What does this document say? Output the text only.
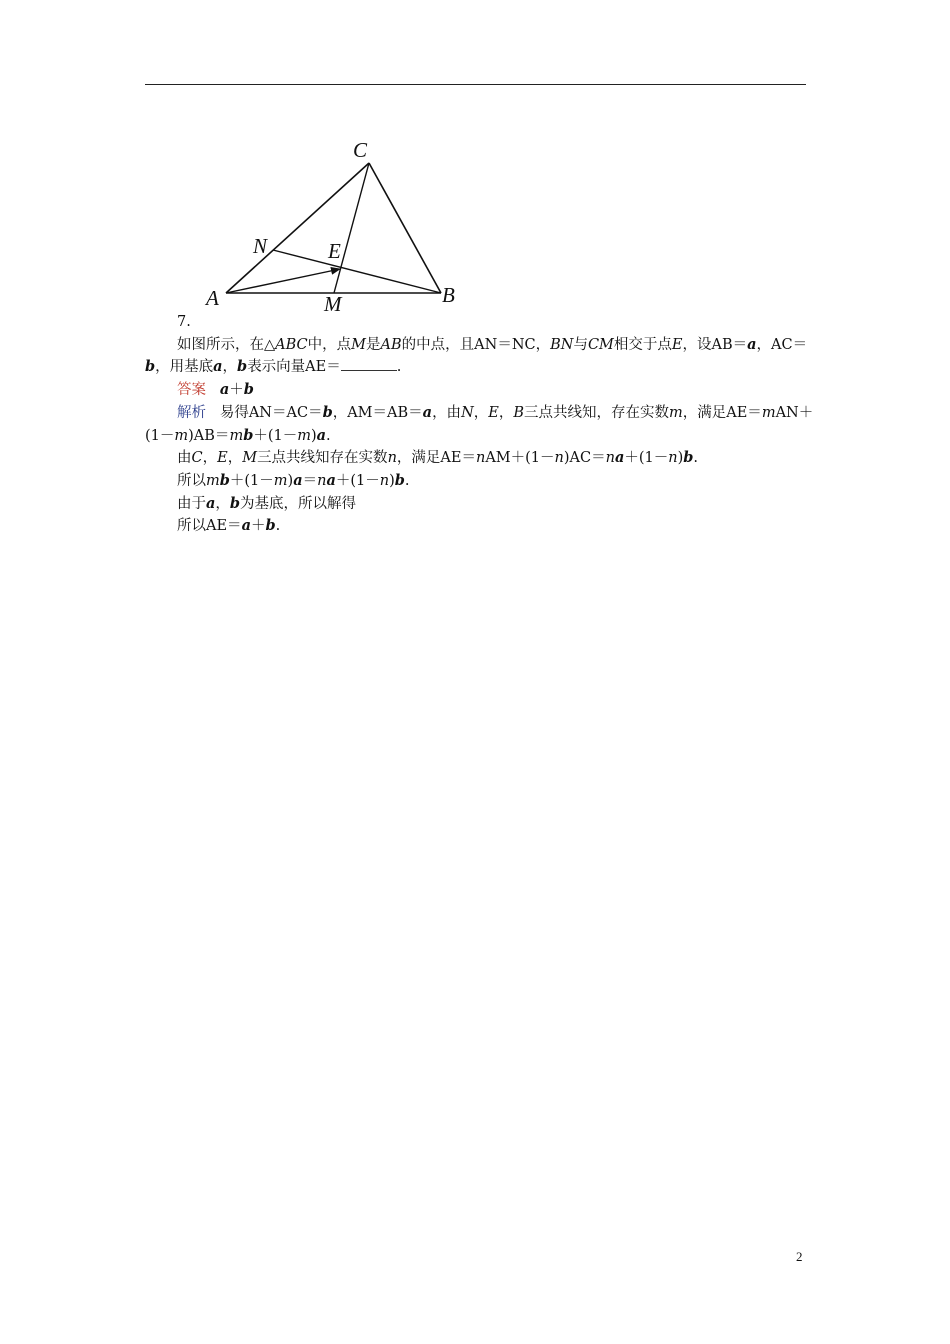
C
N	E
A	M	B
7.
如图所示，在△ABC中，点M是AB的中点，且AN＝NC，BN与CM相交于点E，设AB＝a，AC＝
b，用基底a，b表示向量AE＝	.
答案 a＋b
解析 易得AN＝AC＝b，AM＝AB＝a，由N，E，B三点共线知，存在实数m，满足AE＝mAN＋
(1－m)AB＝mb＋(1－m)a.
由C，E，M三点共线知存在实数n，满足AE＝nAM＋(1－n)AC＝na＋(1－n)b.
所以mb＋(1－m)a＝na＋(1－n)b.
由于a，b为基底，所以解得
所以AE＝a＋b.
2
